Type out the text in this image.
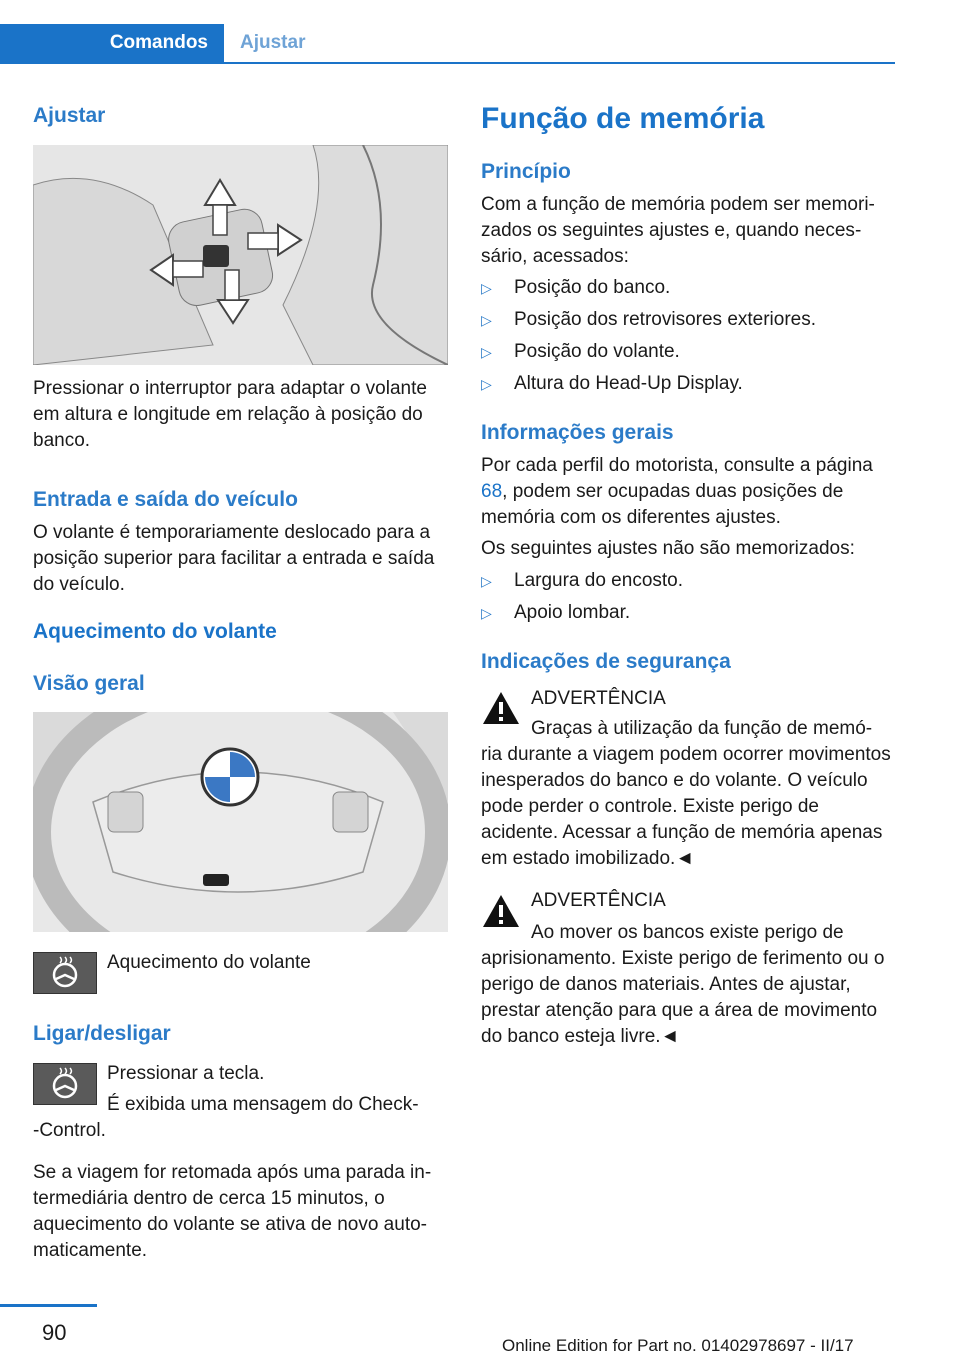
Comandos	Ajustar
Ajustar

Pressionar o interruptor para adaptar o volante em altura e longitude em relação à posição do banco.

Entrada e saída do veículo

O volante é temporariamente deslocado para a posição superior para facilitar a entrada e saída do veículo.

Aquecimento do volante
Visão geral

Aquecimento do volante

Ligar/desligar

Pressionar a tecla.

É exibida uma mensagem do Check-

-Control.

Se a viagem for retomada após uma parada intermediária dentro de cerca 15 minutos, o aquecimento do volante se ativa de novo automaticamente.

Função de memória
Princípio

Com a função de memória podem ser memorizados os seguintes ajustes e, quando necessário, acessados:

▷ Posição do banco.
▷ Posição dos retrovisores exteriores.
▷ Posição do volante.
▷ Altura do Head-Up Display.
Informações gerais

Por cada perfil do motorista, consulte a página 68, podem ser ocupadas duas posições de memória com os diferentes ajustes.

Os seguintes ajustes não são memorizados:

▷ Largura do encosto.
▷ Apoio lombar.
Indicações de segurança

ADVERTÊNCIA

Graças à utilização da função de memó-

ria durante a viagem podem ocorrer movimentos inesperados do banco e do volante. O veículo pode perder o controle. Existe perigo de acidente. Acessar a função de memória apenas em estado imobilizado.◄

ADVERTÊNCIA

Ao mover os bancos existe perigo de

aprisionamento. Existe perigo de ferimento ou o perigo de danos materiais. Antes de ajustar, prestar atenção para que a área de movimento do banco esteja livre.◄

90
Online Edition for Part no. 01402978697 - II/17
